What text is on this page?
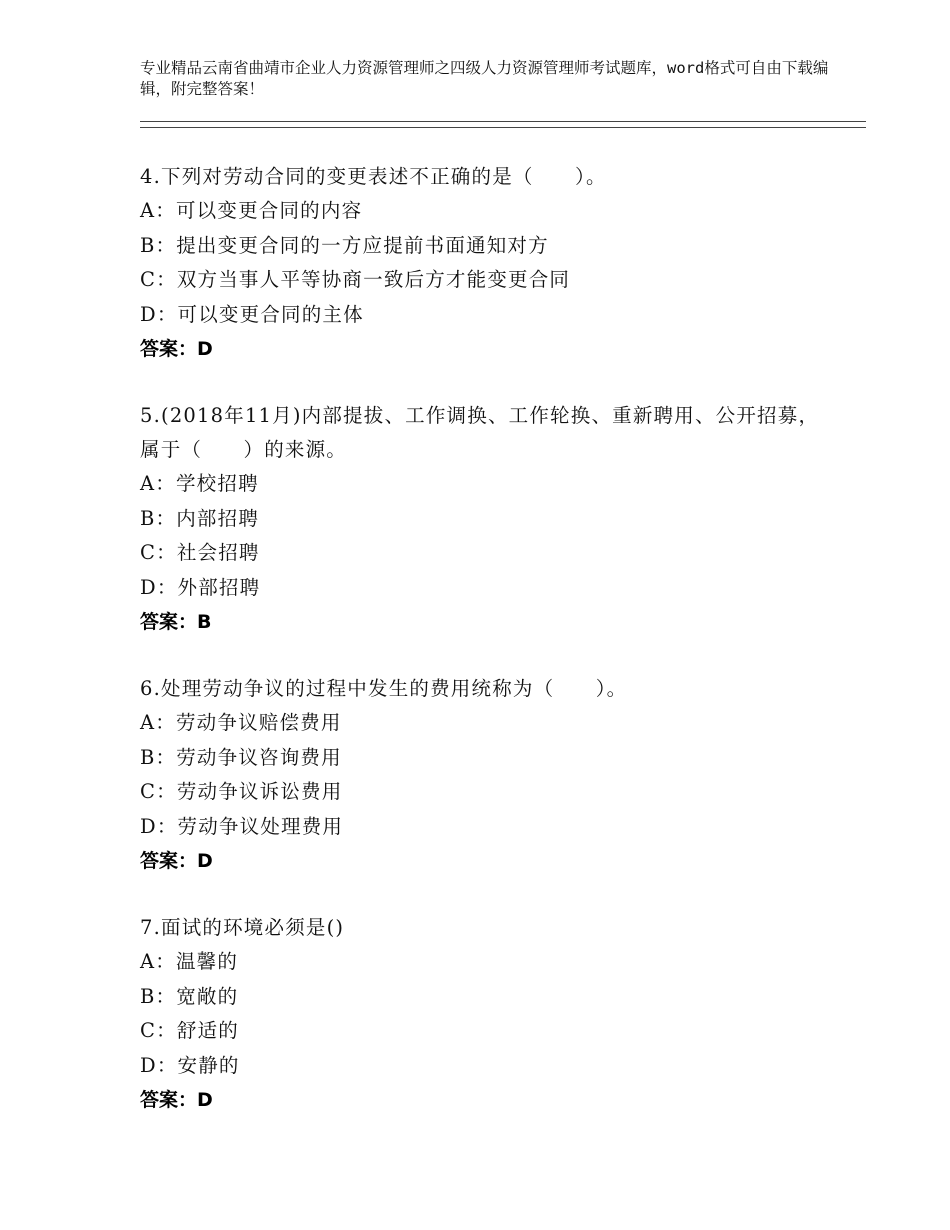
专业精品云南省曲靖市企业人力资源管理师之四级人力资源管理师考试题库，word格式可自由下载编辑，附完整答案！
4.下列对劳动合同的变更表述不正确的是（　　）。
A：可以变更合同的内容
B：提出变更合同的一方应提前书面通知对方
C：双方当事人平等协商一致后方才能变更合同
D：可以变更合同的主体
答案：D
5.(2018年11月)内部提拔、工作调换、工作轮换、重新聘用、公开招募，属于（　　）的来源。
A：学校招聘
B：内部招聘
C：社会招聘
D：外部招聘
答案：B
6.处理劳动争议的过程中发生的费用统称为（　　）。
A：劳动争议赔偿费用
B：劳动争议咨询费用
C：劳动争议诉讼费用
D：劳动争议处理费用
答案：D
7.面试的环境必须是()
A：温馨的
B：宽敞的
C：舒适的
D：安静的
答案：D
